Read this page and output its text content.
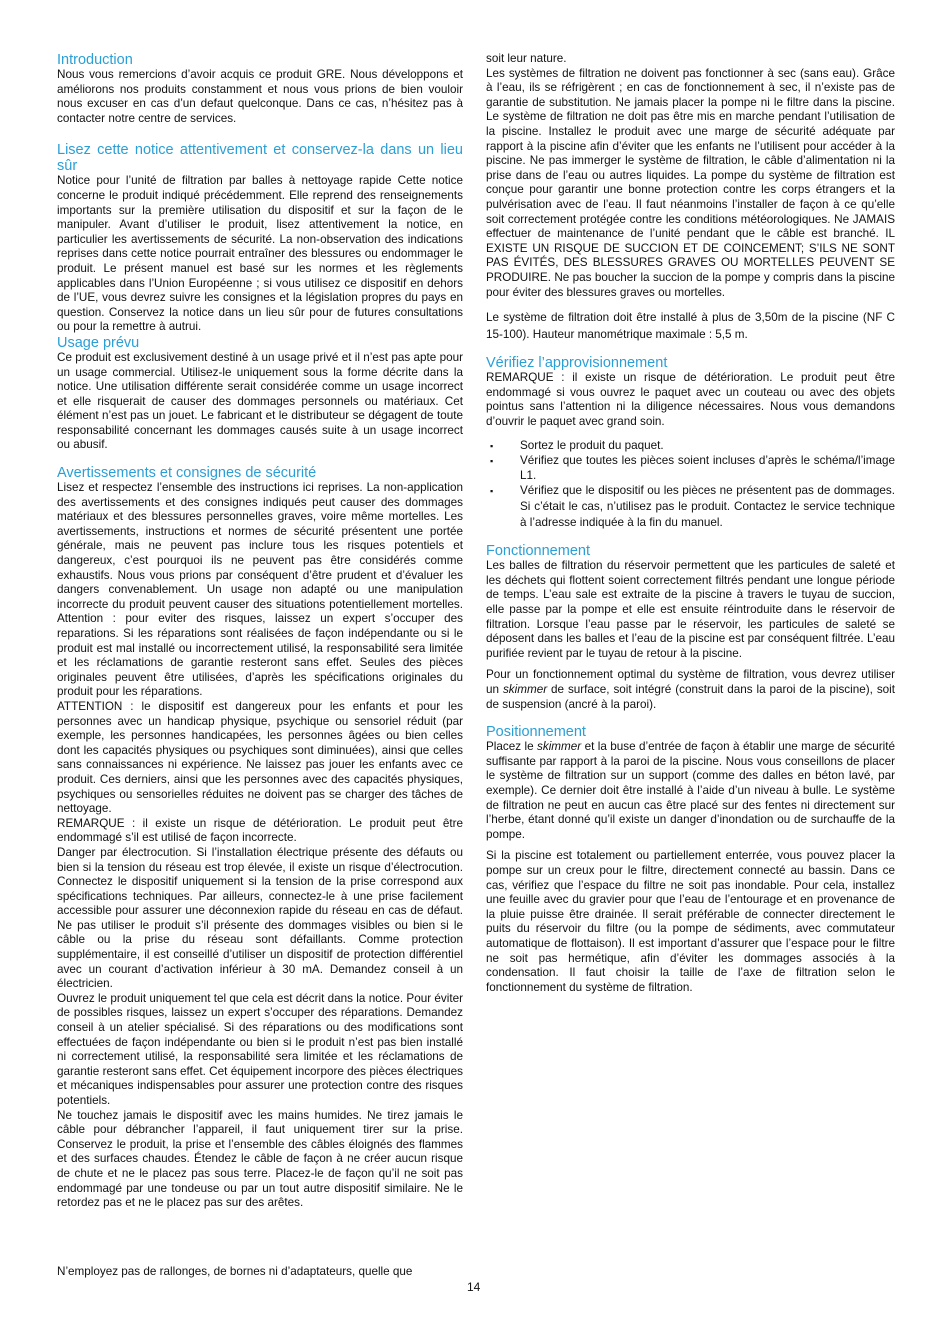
Introduction

Nous vous remercions d’avoir acquis ce produit GRE. Nous développons et améliorons nos produits constamment et nous vous prions de bien vouloir nous excuser en cas d’un defaut quelconque. Dans ce cas, n’hésitez pas à contacter notre centre de services.

Lisez cette notice attentivement et conservez-la dans un lieu sûr

Notice pour l’unité de filtration par balles à nettoyage rapide Cette notice concerne le produit indiqué précédemment. Elle reprend des renseignements importants sur la première utilisation du dispositif et sur la façon de le manipuler. Avant d’utiliser le produit, lisez attentivement la notice, en particulier les avertissements de sécurité. La non-observation des indications reprises dans cette notice pourrait entraîner des blessures ou endommager le produit. Le présent manuel est basé sur les normes et les règlements applicables dans l’Union Européenne ; si vous utilisez ce dispositif en dehors de l’UE, vous devrez suivre les consignes et la législation propres du pays en question. Conservez la notice dans un lieu sûr pour de futures consultations ou pour la remettre à autrui.

Usage prévu

Ce produit est exclusivement destiné à un usage privé et il n’est pas apte pour un usage commercial. Utilisez-le uniquement sous la forme décrite dans la notice. Une utilisation différente serait considérée comme un usage incorrect et elle risquerait de causer des dommages personnels ou matériaux. Cet élément n’est pas un jouet. Le fabricant et le distributeur se dégagent de toute responsabilité concernant les dommages causés suite à un usage incorrect ou abusif.

Avertissements et consignes de sécurité

Lisez et respectez l’ensemble des instructions ici reprises. La non-application des avertissements et des consignes indiqués peut causer des dommages matériaux et des blessures personnelles graves, voire même mortelles. Les avertissements, instructions et normes de sécurité présentent une portée générale, mais ne peuvent pas inclure tous les risques potentiels et dangereux, c’est pourquoi ils ne peuvent pas être considérés comme exhaustifs. Nous vous prions par conséquent d’être prudent et d’évaluer les dangers convenablement. Un usage non adapté ou une manipulation incorrecte du produit peuvent causer des situations potentiellement mortelles. Attention : pour eviter des risques, laissez un expert s’occuper des reparations. Si les réparations sont réalisées de façon indépendante ou si le produit est mal installé ou incorrectement utilisé, la responsabilité sera limitée et les réclamations de garantie resteront sans effet. Seules des pièces originales peuvent être utilisées, d’après les spécifications originales du produit pour les réparations.

ATTENTION : le dispositif est dangereux pour les enfants et pour les personnes avec un handicap physique, psychique ou sensoriel réduit (par exemple, les personnes handicapées, les personnes âgées ou bien celles dont les capacités physiques ou psychiques sont diminuées), ainsi que celles sans connaissances ni expérience. Ne laissez pas jouer les enfants avec ce produit. Ces derniers, ainsi que les personnes avec des capacités physiques, psychiques ou sensorielles réduites ne doivent pas se charger des tâches de nettoyage.

REMARQUE : il existe un risque de détérioration. Le produit peut être endommagé s’il est utilisé de façon incorrecte.

Danger par électrocution. Si l’installation électrique présente des défauts ou bien si la tension du réseau est trop élevée, il existe un risque d’électrocution. Connectez le dispositif uniquement si la tension de la prise correspond aux spécifications techniques. Par ailleurs, connectez-le à une prise facilement accessible pour assurer une déconnexion rapide du réseau en cas de défaut. Ne pas utiliser le produit s’il présente des dommages visibles ou bien si le câble ou la prise du réseau sont défaillants. Comme protection supplémentaire, il est conseillé d’utiliser un dispositif de protection différentiel avec un courant d’activation inférieur à 30 mA. Demandez conseil à un électricien.

Ouvrez le produit uniquement tel que cela est décrit dans la notice. Pour éviter de possibles risques, laissez un expert s’occuper des réparations. Demandez conseil à un atelier spécialisé. Si des réparations ou des modifications sont effectuées de façon indépendante ou bien si le produit n’est pas bien installé ni correctement utilisé, la responsabilité sera limitée et les réclamations de garantie resteront sans effet. Cet équipement incorpore des pièces électriques et mécaniques indispensables pour assurer une protection contre des risques potentiels.

Ne touchez jamais le dispositif avec les mains humides. Ne tirez jamais le câble pour débrancher l’appareil, il faut uniquement tirer sur la prise. Conservez le produit, la prise et l’ensemble des câbles éloignés des flammes et des surfaces chaudes. Étendez le câble de façon à ne créer aucun risque de chute et ne le placez pas sous terre. Placez-le de façon qu’il ne soit pas endommagé par une tondeuse ou par un tout autre dispositif similaire. Ne le retordez pas et ne le placez pas sur des arêtes.

N’employez pas de rallonges, de bornes ni d’adaptateurs, quelle que

soit leur nature.

Les systèmes de filtration ne doivent pas fonctionner à sec (sans eau). Grâce à l’eau, ils se réfrigèrent ; en cas de fonctionnement à sec, il n’existe pas de garantie de substitution. Ne jamais placer la pompe ni le filtre dans la piscine. Le système de filtration ne doit pas être mis en marche pendant l’utilisation de la piscine. Installez le produit avec une marge de sécurité adéquate par rapport à la piscine afin d’éviter que les enfants ne l’utilisent pour accéder à la piscine. Ne pas immerger le système de filtration, le câble d’alimentation ni la prise dans de l’eau ou autres liquides. La pompe du système de filtration est conçue pour garantir une bonne protection contre les corps étrangers et la pulvérisation avec de l’eau. Il faut néanmoins l’installer de façon à ce qu’elle soit correctement protégée contre les conditions météorologiques. Ne JAMAIS effectuer de maintenance de l’unité pendant que le câble est branché. IL EXISTE UN RISQUE DE SUCCION ET DE COINCEMENT; S’ILS NE SONT PAS ÉVITÉS, DES BLESSURES GRAVES OU MORTELLES PEUVENT SE PRODUIRE. Ne pas boucher la succion de la pompe y compris dans la piscine pour éviter des blessures graves ou mortelles.

Le système de filtration doit être installé à plus de 3,50m de la piscine (NF C 15-100). Hauteur manométrique maximale : 5,5 m.

Vérifiez l’approvisionnement

REMARQUE : il existe un risque de détérioration. Le produit peut être endommagé si vous ouvrez le paquet avec un couteau ou avec des objets pointus sans l’attention ni la diligence nécessaires. Nous vous demandons d’ouvrir le paquet avec grand soin.

▪ Sortez le produit du paquet.
▪ Vérifiez que toutes les pièces soient incluses d’après le schéma/l’image L1.
▪ Vérifiez que le dispositif ou les pièces ne présentent pas de dommages. Si c’était le cas, n’utilisez pas le produit. Contactez le service technique à l’adresse indiquée à la fin du manuel.
Fonctionnement

Les balles de filtration du réservoir permettent que les particules de saleté et les déchets qui flottent soient correctement filtrés pendant une longue période de temps. L’eau sale est extraite de la piscine à travers le tuyau de succion, elle passe par la pompe et elle est ensuite réintroduite dans le réservoir de filtration. Lorsque l’eau passe par le réservoir, les particules de saleté se déposent dans les balles et l’eau de la piscine est par conséquent filtrée. L’eau purifiée revient par le tuyau de retour à la piscine.

Pour un fonctionnement optimal du système de filtration, vous devrez utiliser un skimmer de surface, soit intégré (construit dans la paroi de la piscine), soit de suspension (ancré à la paroi).

Positionnement

Placez le skimmer et la buse d’entrée de façon à établir une marge de sécurité suffisante par rapport à la paroi de la piscine. Nous vous conseillons de placer le système de filtration sur un support (comme des dalles en béton lavé, par exemple). Ce dernier doit être installé à l’aide d’un niveau à bulle. Le système de filtration ne peut en aucun cas être placé sur des fentes ni directement sur l’herbe, étant donné qu’il existe un danger d’inondation ou de surchauffe de la pompe.

Si la piscine est totalement ou partiellement enterrée, vous pouvez placer la pompe sur un creux pour le filtre, directement connecté au bassin. Dans ce cas, vérifiez que l’espace du filtre ne soit pas inondable. Pour cela, installez une feuille avec du gravier pour que l’eau de l’entourage et en provenance de la pluie puisse être drainée. Il serait préférable de connecter directement le puits du réservoir du filtre (ou la pompe de sédiments, avec commutateur automatique de flottaison). Il est important d’assurer que l’espace pour le filtre ne soit pas hermétique, afin d’éviter les dommages associés à la condensation. Il faut choisir la taille de l’axe de filtration selon le fonctionnement du système de filtration.

14
